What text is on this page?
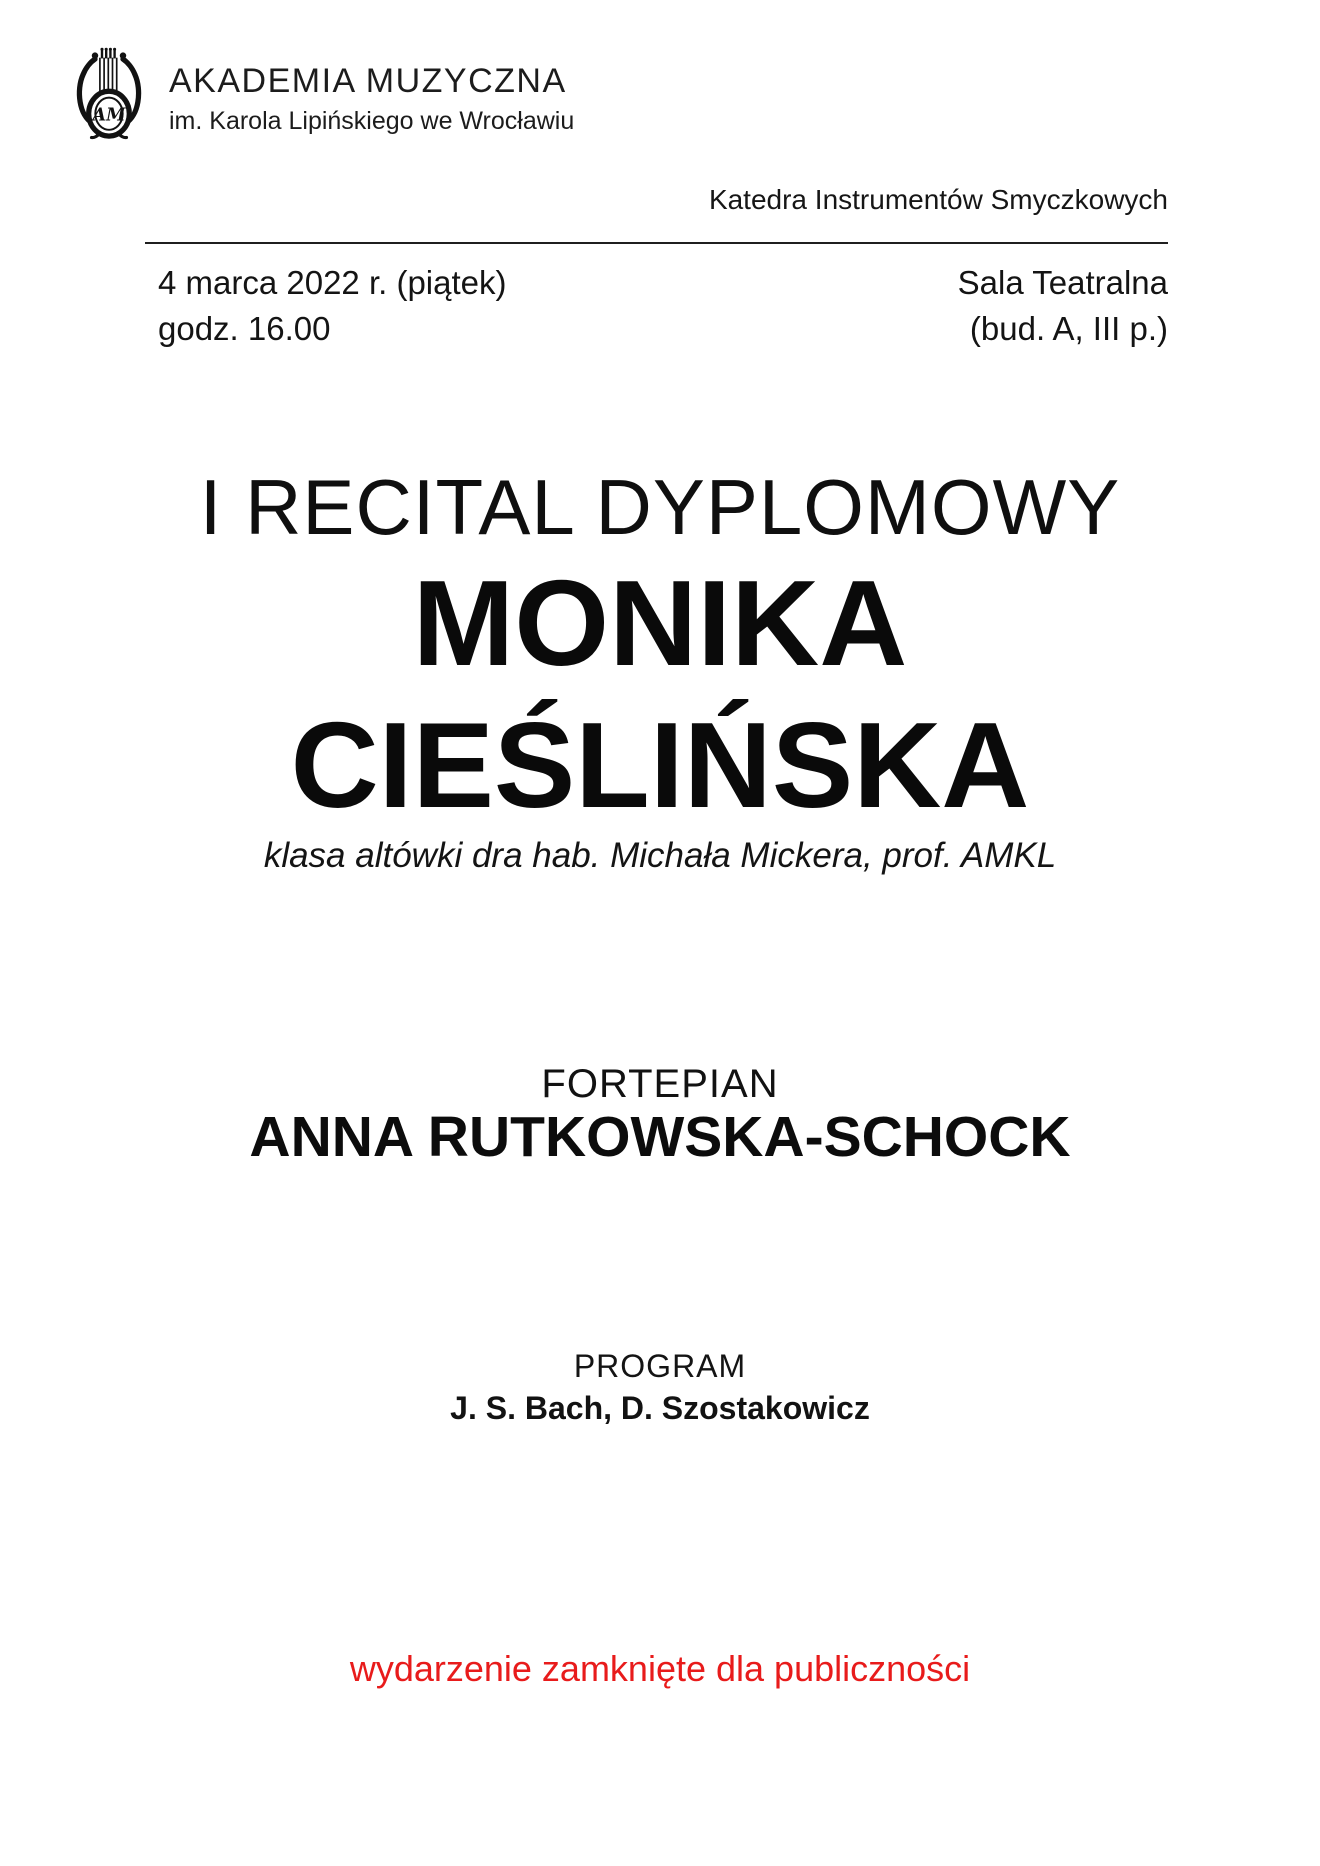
AM
AKADEMIA MUZYCZNA
im. Karola Lipińskiego we Wrocławiu
Katedra Instrumentów Smyczkowych
4 marca 2022 r. (piątek)
godz. 16.00
Sala Teatralna
(bud. A, III p.)
I RECITAL DYPLOMOWY
MONIKA
CIEŚLIŃSKA
klasa altówki dra hab. Michała Mickera, prof. AMKL
FORTEPIAN
ANNA RUTKOWSKA-SCHOCK
PROGRAM
J. S. Bach, D. Szostakowicz
wydarzenie zamknięte dla publiczności
